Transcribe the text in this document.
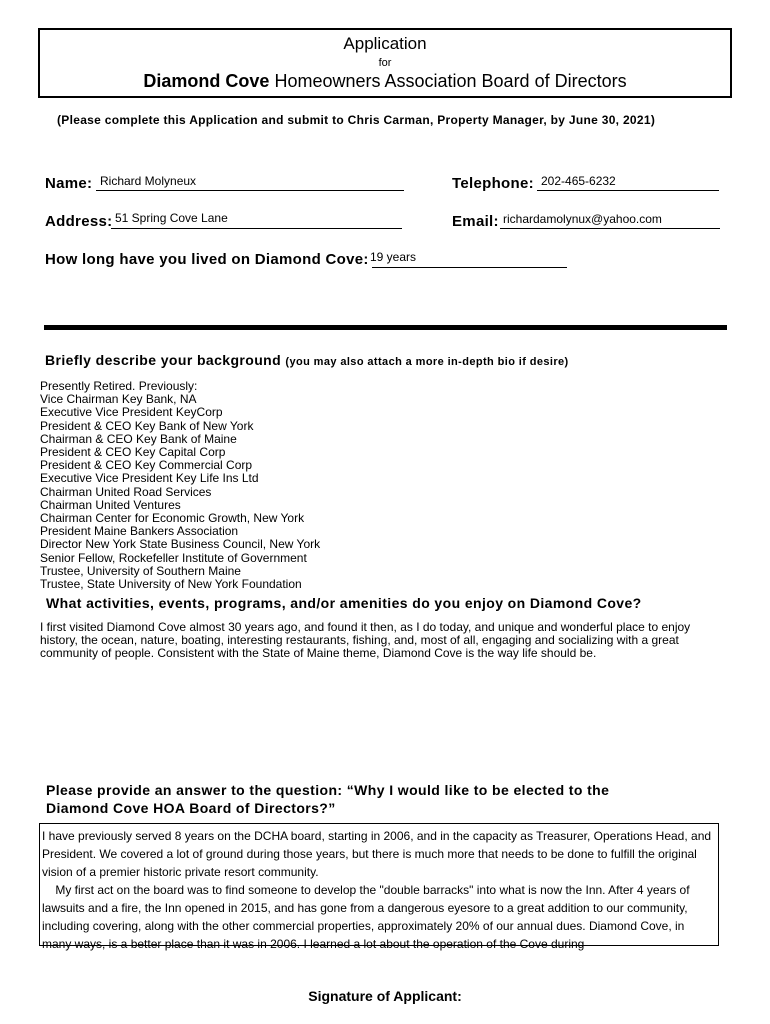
Application
for
Diamond Cove Homeowners Association Board of Directors
(Please complete this Application and submit to Chris Carman, Property Manager, by June 30, 2021)
Name: Richard Molyneux	Telephone: 202-465-6232
Address: 51 Spring Cove Lane	Email: richardamolynux@yahoo.com
How long have you lived on Diamond Cove: 19 years
Briefly describe your background (you may also attach a more in-depth bio if desire)
Presently Retired. Previously:
Vice Chairman Key Bank, NA
Executive Vice President KeyCorp
President & CEO Key Bank of New York
Chairman & CEO Key Bank of Maine
President & CEO Key Capital Corp
President & CEO Key Commercial Corp
Executive Vice President Key Life Ins Ltd
Chairman United Road Services
Chairman United Ventures
Chairman Center for Economic Growth, New York
President Maine Bankers Association
Director New York State Business Council, New York
Senior Fellow, Rockefeller Institute of Government
Trustee, University of Southern Maine
Trustee, State University of New York Foundation
What activities, events, programs, and/or amenities do you enjoy on Diamond Cove?
I first visited Diamond Cove almost 30 years ago, and found it then, as I do today, and unique and wonderful place to enjoy history, the ocean, nature, boating, interesting restaurants, fishing, and, most of all, engaging and socializing with a great community of people. Consistent with the State of Maine theme, Diamond Cove is the way life should be.
Please provide an answer to the question: “Why I would like to be elected to the
Diamond Cove HOA Board of Directors?”
I have previously served 8 years on the DCHA board, starting in 2006, and in the capacity as Treasurer, Operations Head, and President. We covered a lot of ground during those years, but there is much more that needs to be done to fulfill the original vision of a premier historic private resort community.
My first act on the board was to find someone to develop the "double barracks" into what is now the Inn. After 4 years of lawsuits and a fire, the Inn opened in 2015, and has gone from a dangerous eyesore to a great addition to our community, including covering, along with the other commercial properties, approximately 20% of our annual dues. Diamond Cove, in many ways, is a better place than it was in 2006. I learned a lot about the operation of the Cove during
Signature of Applicant:
